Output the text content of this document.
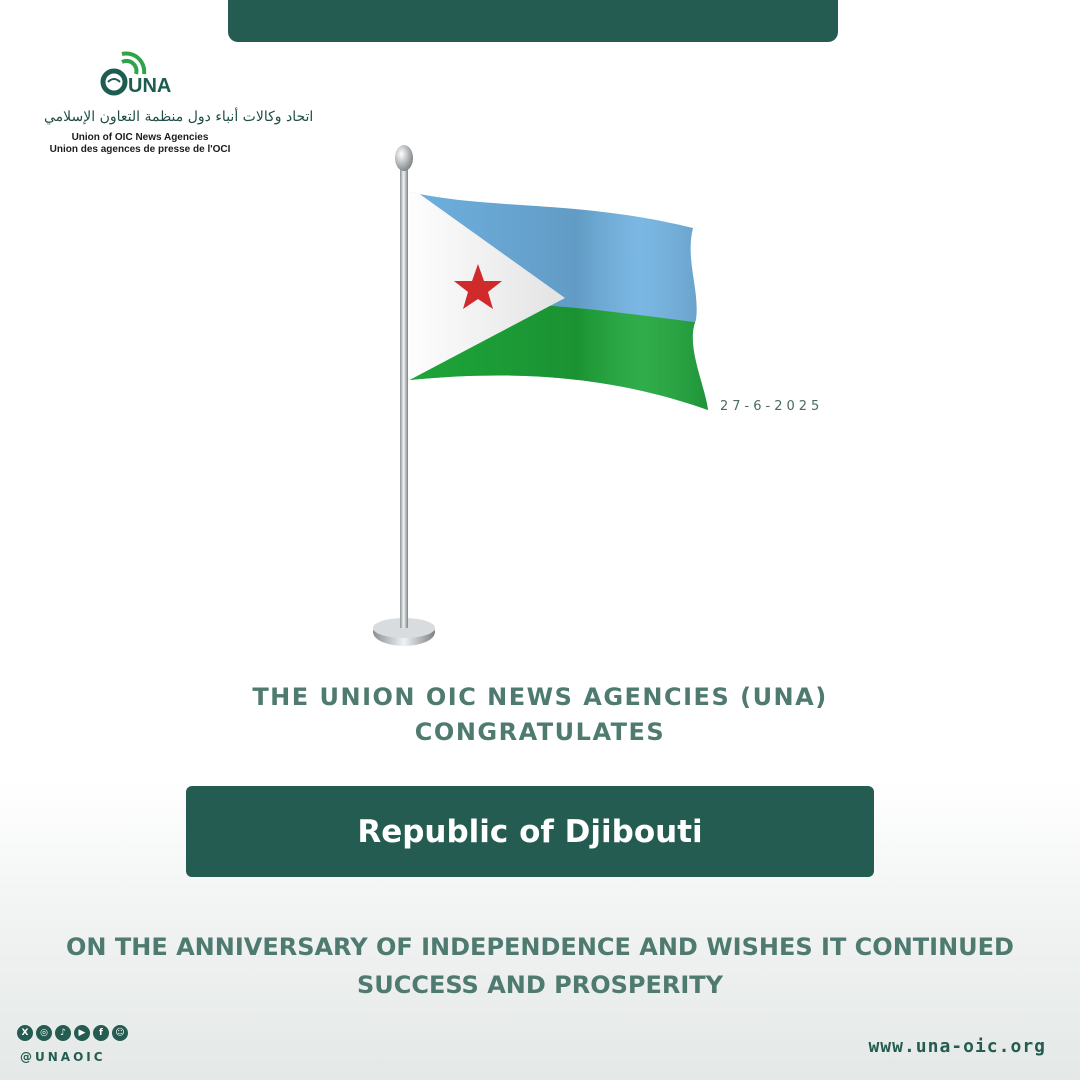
UNA
اتحاد وكالات أنباء دول منظمة التعاون الإسلامي
Union of OIC News Agencies
Union des agences de presse de l'OCI
27-6-2025
THE UNION OIC NEWS AGENCIES (UNA)
CONGRATULATES
Republic of Djibouti
ON THE ANNIVERSARY OF INDEPENDENCE AND WISHES IT CONTINUED
SUCCESS AND PROSPERITY
X	◎	♪	▶	f	☺
@UNAOIC	www.una-oic.org
